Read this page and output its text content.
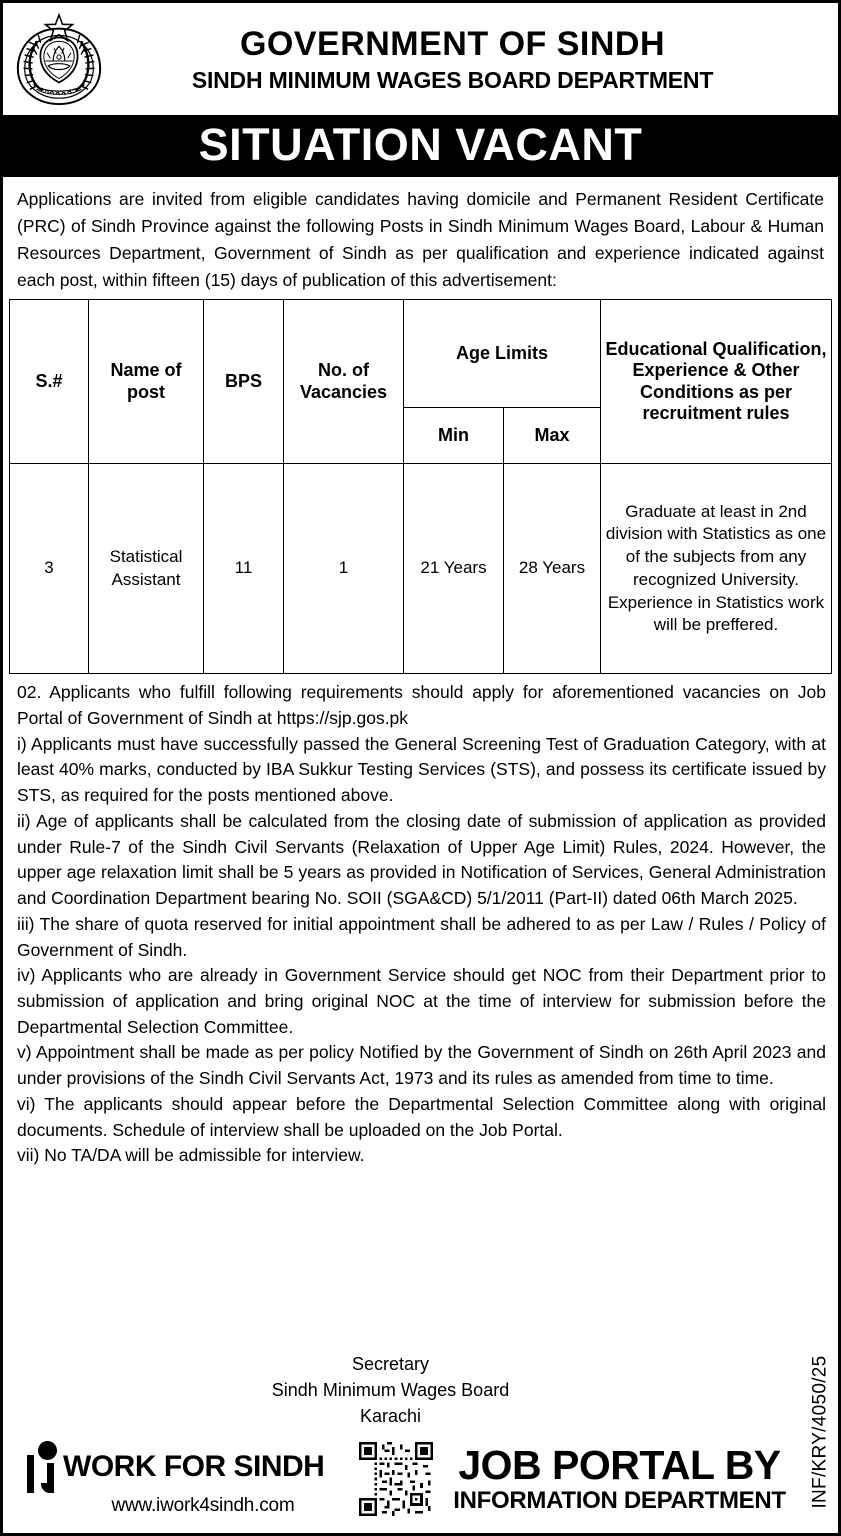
GOVERNMENT OF SINDH
SINDH MINIMUM WAGES BOARD DEPARTMENT
SITUATION VACANT
Applications are invited from eligible candidates having domicile and Permanent Resident Certificate (PRC) of Sindh Province against the following Posts in Sindh Minimum Wages Board, Labour & Human Resources Department, Government of Sindh as per qualification and experience indicated against each post, within fifteen (15) days of publication of this advertisement:
S.#	Name of post	BPS	No. of Vacancies	Age Limits		Educational Qualification, Experience & Other Conditions as per recruitment rules
				Min	Max	
3	Statistical Assistant	11	1	21 Years	28 Years	Graduate at least in 2nd division with Statistics as one of the subjects from any recognized University. Experience in Statistics work will be preffered.

02. Applicants who fulfill following requirements should apply for aforementioned vacancies on Job Portal of Government of Sindh at https://sjp.gos.pk

i) Applicants must have successfully passed the General Screening Test of Graduation Category, with at least 40% marks, conducted by IBA Sukkur Testing Services (STS), and possess its certificate issued by STS, as required for the posts mentioned above.

ii) Age of applicants shall be calculated from the closing date of submission of application as provided under Rule-7 of the Sindh Civil Servants (Relaxation of Upper Age Limit) Rules, 2024. However, the upper age relaxation limit shall be 5 years as provided in Notification of Services, General Administration and Coordination Department bearing No. SOII (SGA&CD) 5/1/2011 (Part-II) dated 06th March 2025.

iii) The share of quota reserved for initial appointment shall be adhered to as per Law / Rules / Policy of Government of Sindh.

iv) Applicants who are already in Government Service should get NOC from their Department prior to submission of application and bring original NOC at the time of interview for submission before the Departmental Selection Committee.

v) Appointment shall be made as per policy Notified by the Government of Sindh on 26th April 2023 and under provisions of the Sindh Civil Servants Act, 1973 and its rules as amended from time to time.

vi) The applicants should appear before the Departmental Selection Committee along with original documents. Schedule of interview shall be uploaded on the Job Portal.

vii) No TA/DA will be admissible for interview.

Secretary
Sindh Minimum Wages Board
Karachi
WORK FOR SINDH
www.iwork4sindh.com
JOB PORTAL BY
INFORMATION DEPARTMENT	INF/KRY/4050/25
